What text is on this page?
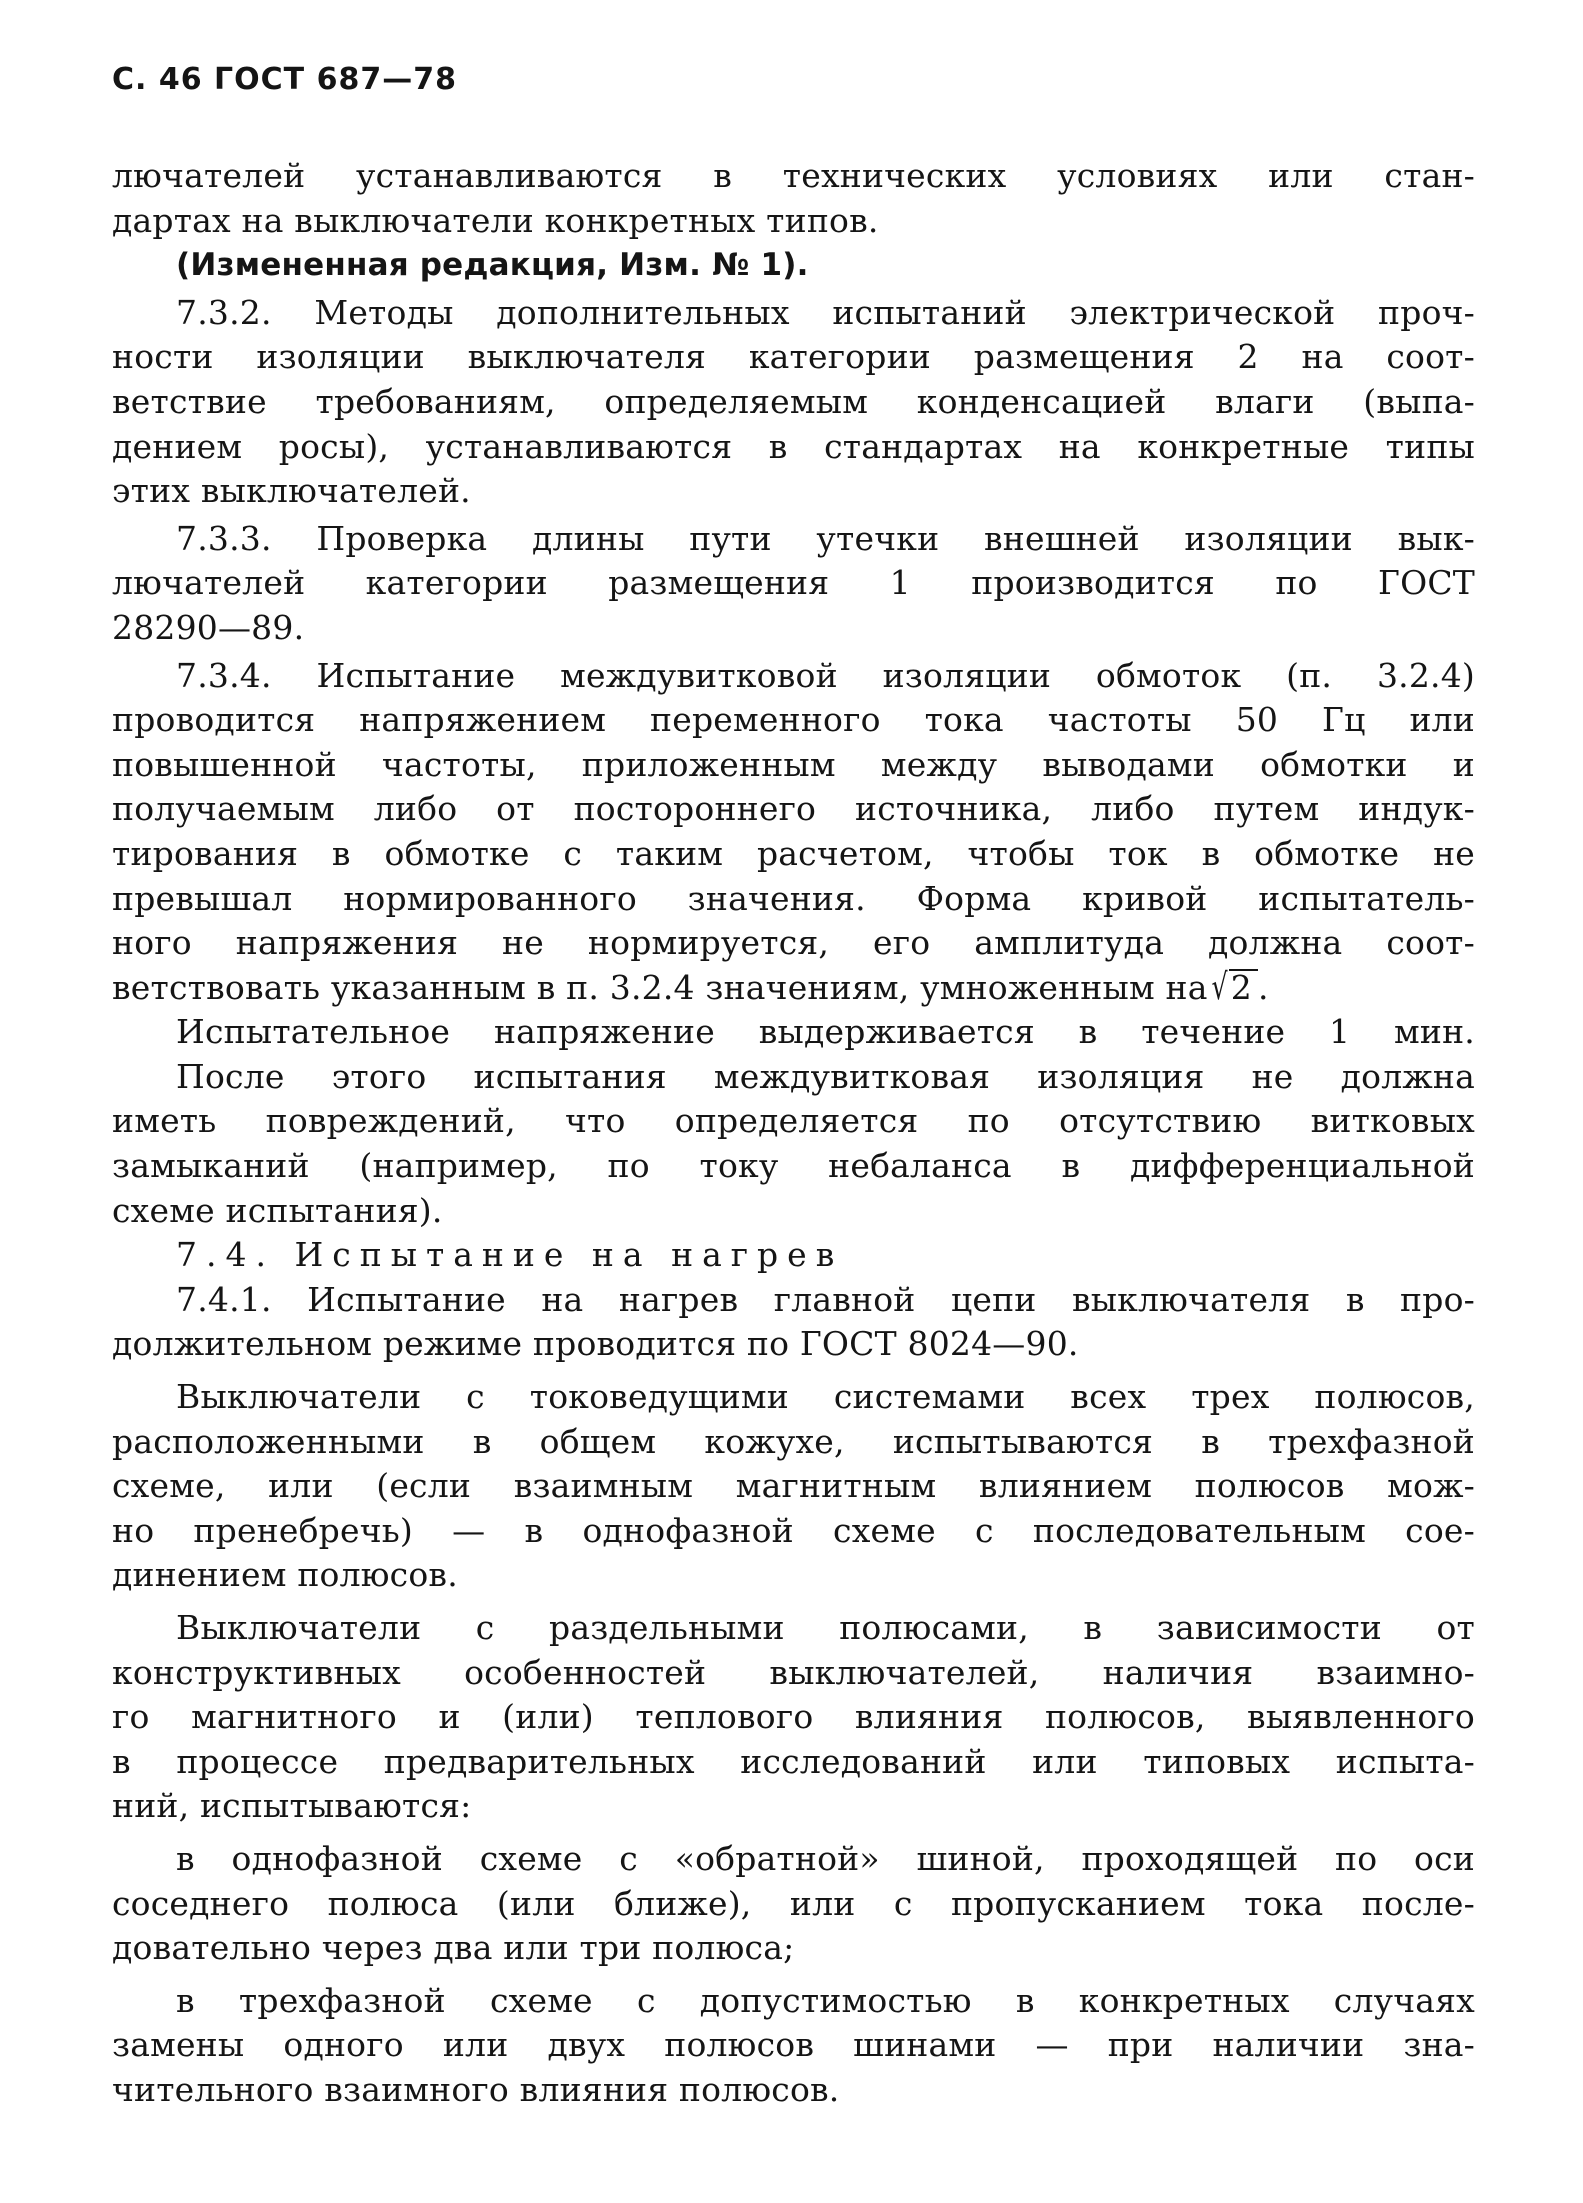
С. 46 ГОСТ 687—78
лючателей устанавливаются в технических условиях или стан-
дартах на выключатели конкретных типов.
(Измененная редакция, Изм. № 1).
7.3.2. Методы дополнительных испытаний электрической проч-
ности изоляции выключателя категории размещения 2 на соот-
ветствие требованиям, определяемым конденсацией влаги (выпа-
дением росы), устанавливаются в стандартах на конкретные типы
этих выключателей.
7.3.3. Проверка длины пути утечки внешней изоляции вык-
лючателей категории размещения 1 производится по ГОСТ
28290—89.
7.3.4. Испытание междувитковой изоляции обмоток (п. 3.2.4)
проводится напряжением переменного тока частоты 50 Гц или
повышенной частоты, приложенным между выводами обмотки и
получаемым либо от постороннего источника, либо путем индук-
тирования в обмотке с таким расчетом, чтобы ток в обмотке не
превышал нормированного значения. Форма кривой испытатель-
ного напряжения не нормируется, его амплитуда должна соот-
ветствовать указанным в п. 3.2.4 значениям, умноженным на√ 2 .
Испытательное напряжение выдерживается в течение 1 мин.
После этого испытания междувитковая изоляция не должна
иметь повреждений, что определяется по отсутствию витковых
замыканий (например, по току небаланса в дифференциальной
схеме испытания).
7.4. Испытание на нагрев
7.4.1. Испытание на нагрев главной цепи выключателя в про-
должительном режиме проводится по ГОСТ 8024—90.
Выключатели с токоведущими системами всех трех полюсов,
расположенными в общем кожухе, испытываются в трехфазной
схеме, или (если взаимным магнитным влиянием полюсов мож-
но пренебречь) — в однофазной схеме с последовательным сое-
динением полюсов.
Выключатели с раздельными полюсами, в зависимости от
конструктивных особенностей выключателей, наличия взаимно-
го магнитного и (или) теплового влияния полюсов, выявленного
в процессе предварительных исследований или типовых испыта-
ний, испытываются:
в однофазной схеме с «обратной» шиной, проходящей по оси
соседнего полюса (или ближе), или с пропусканием тока после-
довательно через два или три полюса;
в трехфазной схеме с допустимостью в конкретных случаях
замены одного или двух полюсов шинами — при наличии зна-
чительного взаимного влияния полюсов.
